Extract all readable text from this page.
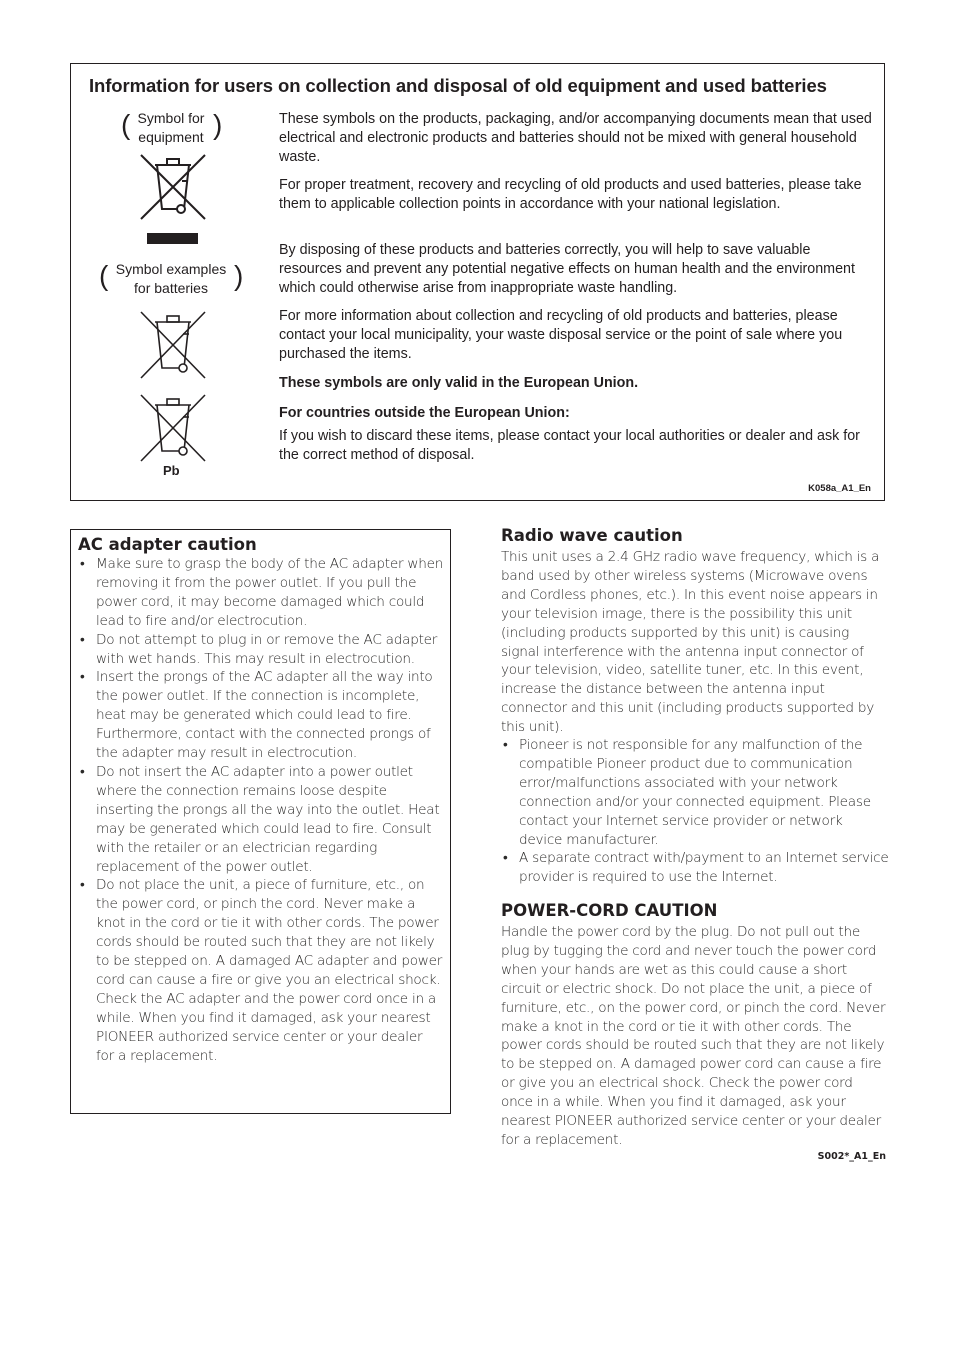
Information for users on collection and disposal of old equipment and used batteries
( Symbol for
equipment )
( Symbol examples
for batteries )
Pb

These symbols on the products, packaging, and/or accompanying documents mean that used electrical and electronic products and batteries should not be mixed with general household waste.

For proper treatment, recovery and recycling of old products and used batteries, please take them to applicable collection points in accordance with your national legislation.

By disposing of these products and batteries correctly, you will help to save valuable resources and prevent any potential negative effects on human health and the environment which could otherwise arise from inappropriate waste handling.

For more information about collection and recycling of old products and batteries, please contact your local municipality, your waste disposal service or the point of sale where you purchased the items.

These symbols are only valid in the European Union.

For countries outside the European Union:

If you wish to discard these items, please contact your local authorities or dealer and ask for the correct method of disposal.

K058a_A1_En
AC adapter caution
• Make sure to grasp the body of the AC adapter when removing it from the power outlet. If you pull the power cord, it may become damaged which could lead to fire and/or electrocution.
• Do not attempt to plug in or remove the AC adapter with wet hands. This may result in electrocution.
• Insert the prongs of the AC adapter all the way into the power outlet. If the connection is incomplete, heat may be generated which could lead to fire. Furthermore, contact with the connected prongs of the adapter may result in electrocution.
• Do not insert the AC adapter into a power outlet where the connection remains loose despite inserting the prongs all the way into the outlet. Heat may be generated which could lead to fire. Consult with the retailer or an electrician regarding replacement of the power outlet.
• Do not place the unit, a piece of furniture, etc., on the power cord, or pinch the cord. Never make a knot in the cord or tie it with other cords. The power cords should be routed such that they are not likely to be stepped on. A damaged AC adapter and power cord can cause a fire or give you an electrical shock. Check the AC adapter and the power cord once in a while. When you find it damaged, ask your nearest PIONEER authorized service center or your dealer for a replacement.
Radio wave caution

This unit uses a 2.4 GHz radio wave frequency, which is a band used by other wireless systems (Microwave ovens and Cordless phones, etc.). In this event noise appears in your television image, there is the possibility this unit (including products supported by this unit) is causing signal interference with the antenna input connector of your television, video, satellite tuner, etc. In this event, increase the distance between the antenna input connector and this unit (including products supported by this unit).

• Pioneer is not responsible for any malfunction of the compatible Pioneer product due to communication error/malfunctions associated with your network connection and/or your connected equipment. Please contact your Internet service provider or network device manufacturer.
• A separate contract with/payment to an Internet service provider is required to use the Internet.
POWER-CORD CAUTION

Handle the power cord by the plug. Do not pull out the plug by tugging the cord and never touch the power cord when your hands are wet as this could cause a short circuit or electric shock. Do not place the unit, a piece of furniture, etc., on the power cord, or pinch the cord. Never make a knot in the cord or tie it with other cords. The power cords should be routed such that they are not likely to be stepped on. A damaged power cord can cause a fire or give you an electrical shock. Check the power cord once in a while. When you find it damaged, ask your nearest PIONEER authorized service center or your dealer for a replacement.

S002*_A1_En
